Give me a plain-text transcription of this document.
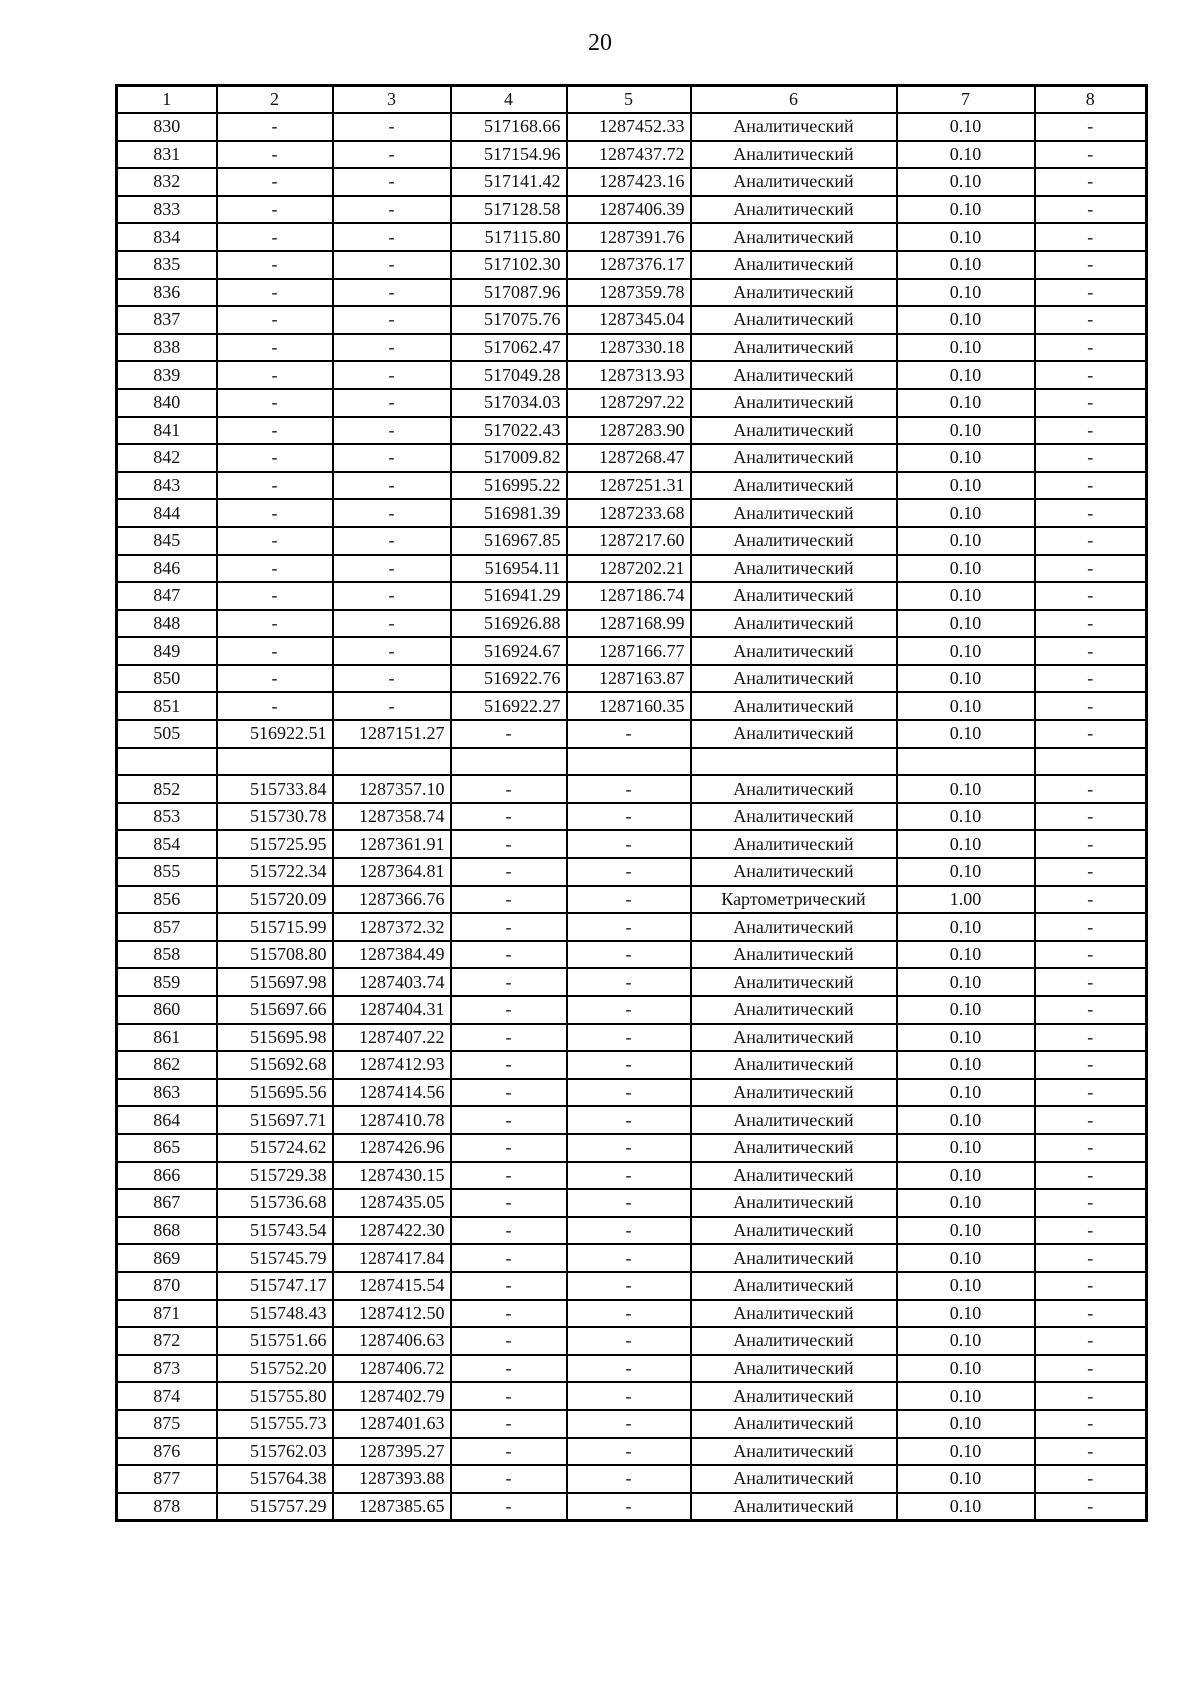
20
1	2	3	4	5	6	7	8
830	-	-	517168.66	1287452.33	Аналитический	0.10	-
831	-	-	517154.96	1287437.72	Аналитический	0.10	-
832	-	-	517141.42	1287423.16	Аналитический	0.10	-
833	-	-	517128.58	1287406.39	Аналитический	0.10	-
834	-	-	517115.80	1287391.76	Аналитический	0.10	-
835	-	-	517102.30	1287376.17	Аналитический	0.10	-
836	-	-	517087.96	1287359.78	Аналитический	0.10	-
837	-	-	517075.76	1287345.04	Аналитический	0.10	-
838	-	-	517062.47	1287330.18	Аналитический	0.10	-
839	-	-	517049.28	1287313.93	Аналитический	0.10	-
840	-	-	517034.03	1287297.22	Аналитический	0.10	-
841	-	-	517022.43	1287283.90	Аналитический	0.10	-
842	-	-	517009.82	1287268.47	Аналитический	0.10	-
843	-	-	516995.22	1287251.31	Аналитический	0.10	-
844	-	-	516981.39	1287233.68	Аналитический	0.10	-
845	-	-	516967.85	1287217.60	Аналитический	0.10	-
846	-	-	516954.11	1287202.21	Аналитический	0.10	-
847	-	-	516941.29	1287186.74	Аналитический	0.10	-
848	-	-	516926.88	1287168.99	Аналитический	0.10	-
849	-	-	516924.67	1287166.77	Аналитический	0.10	-
850	-	-	516922.76	1287163.87	Аналитический	0.10	-
851	-	-	516922.27	1287160.35	Аналитический	0.10	-
505	516922.51	1287151.27	-	-	Аналитический	0.10	-

852	515733.84	1287357.10	-	-	Аналитический	0.10	-
853	515730.78	1287358.74	-	-	Аналитический	0.10	-
854	515725.95	1287361.91	-	-	Аналитический	0.10	-
855	515722.34	1287364.81	-	-	Аналитический	0.10	-
856	515720.09	1287366.76	-	-	Картометрический	1.00	-
857	515715.99	1287372.32	-	-	Аналитический	0.10	-
858	515708.80	1287384.49	-	-	Аналитический	0.10	-
859	515697.98	1287403.74	-	-	Аналитический	0.10	-
860	515697.66	1287404.31	-	-	Аналитический	0.10	-
861	515695.98	1287407.22	-	-	Аналитический	0.10	-
862	515692.68	1287412.93	-	-	Аналитический	0.10	-
863	515695.56	1287414.56	-	-	Аналитический	0.10	-
864	515697.71	1287410.78	-	-	Аналитический	0.10	-
865	515724.62	1287426.96	-	-	Аналитический	0.10	-
866	515729.38	1287430.15	-	-	Аналитический	0.10	-
867	515736.68	1287435.05	-	-	Аналитический	0.10	-
868	515743.54	1287422.30	-	-	Аналитический	0.10	-
869	515745.79	1287417.84	-	-	Аналитический	0.10	-
870	515747.17	1287415.54	-	-	Аналитический	0.10	-
871	515748.43	1287412.50	-	-	Аналитический	0.10	-
872	515751.66	1287406.63	-	-	Аналитический	0.10	-
873	515752.20	1287406.72	-	-	Аналитический	0.10	-
874	515755.80	1287402.79	-	-	Аналитический	0.10	-
875	515755.73	1287401.63	-	-	Аналитический	0.10	-
876	515762.03	1287395.27	-	-	Аналитический	0.10	-
877	515764.38	1287393.88	-	-	Аналитический	0.10	-
878	515757.29	1287385.65	-	-	Аналитический	0.10	-
